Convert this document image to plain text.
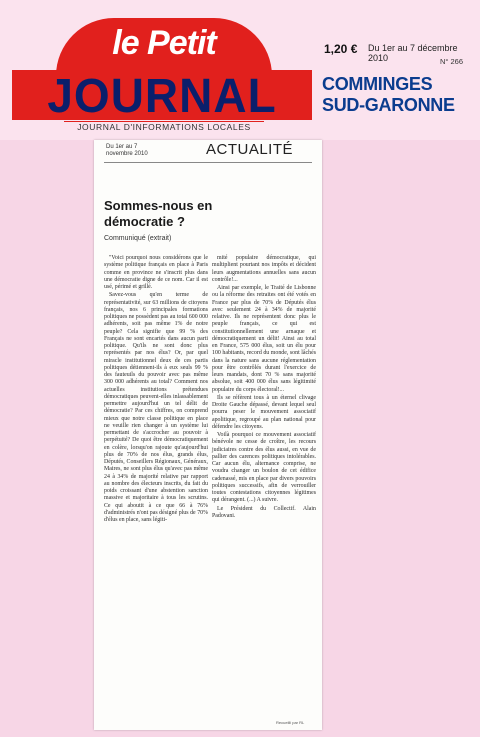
le Petit
JOURNAL
JOURNAL D'INFORMATIONS LOCALES
1,20 € Du 1er au 7 décembre 2010	N° 266
COMMINGES
SUD-GARONNE
Du 1er au 7
novembre 2010	ACTUALITÉ
Sommes-nous en
démocratie ?
Communiqué (extrait)

"Voici pourquoi nous considérons que le système politique français en place à Paris comme en province ne s'inscrit plus dans une démocratie digne de ce nom. Car il est usé, périmé et grillé.

Savez-vous qu'en terme de représentativité, sur 63 millions de citoyens français, nos 6 principales formations politiques ne possèdent pas au total 600 000 adhérents, soit pas même 1% de notre peuple? Cela signifie que 99 % des Français ne sont encartés dans aucun parti politique. Qu'ils ne sont donc plus représentés par nos élus? Or, par quel miracle institutionnel deux de ces partis politiques détiennent-ils à eux seuls 99 % des fauteuils du pouvoir avec pas même 300 000 adhérents au total? Comment nos actuelles institutions prétendues démocratiques peuvent-elles inlassablement permettre aujourd'hui un tel délit de démocratie? Par ces chiffres, on comprend mieux que notre classe politique en place ne veuille rien changer à un système lui permettant de s'accrocher au pouvoir à perpétuité? De quoi être démocratiquement en colère, lorsqu'on rajoute qu'aujourd'hui plus de 70% de nos élus, grands élus, Députés, Conseillers Régionaux, Généraux, Maires, ne sont plus élus qu'avec pas même 24 à 34% de majorité relative par rapport au nombre des électeurs inscrits, du fait du poids croissant d'une abstention sanction massive et majoritaire à tous les scrutins. Ce qui aboutit à ce que 66 à 76% d'administrés n'ont pas désigné plus de 70% d'élus en place, sans légiti-

mité populaire démocratique, qui multiplient pourtant nos impôts et décident leurs augmentations annuelles sans aucun contrôle!...

Ainsi par exemple, le Traité de Lisbonne ou la réforme des retraites ont été votés en France par plus de 70% de Députés élus avec seulement 24 à 34% de majorité relative. Ils ne représentent donc plus le peuple français, ce qui est constitutionnellement une arnaque et démocratiquement un délit! Ainsi au total en France, 575 000 élus, soit un élu pour 100 habitants, record du monde, sont lâchés dans la nature sans aucune réglementation pour être contrôlés durant l'exercice de leurs mandats, dont 70 % sans majorité absolue, soit 400 000 élus sans légitimité populaire du corps électoral!...

Ils se réfèrent tous à un éternel clivage Droite Gauche dépassé, devant lequel seul pourra peser le mouvement associatif apolitique, regroupé au plan national pour défendre les citoyens.

Voilà pourquoi ce mouvement associatif bénévole ne cesse de croître, les recours judiciaires contre des élus aussi, en vue de pallier des carences politiques intolérables. Car aucun élu, alternance comprise, ne voudra changer un boulon de cet édifice cadenassé, mis en place par divers pouvoirs politiques successifs, afin de verrouiller toutes contestations citoyennes légitimes qui dérangent. (...) A suivre.

Le Président du Collectif. Alain Padovani.

Recueilli par RL
